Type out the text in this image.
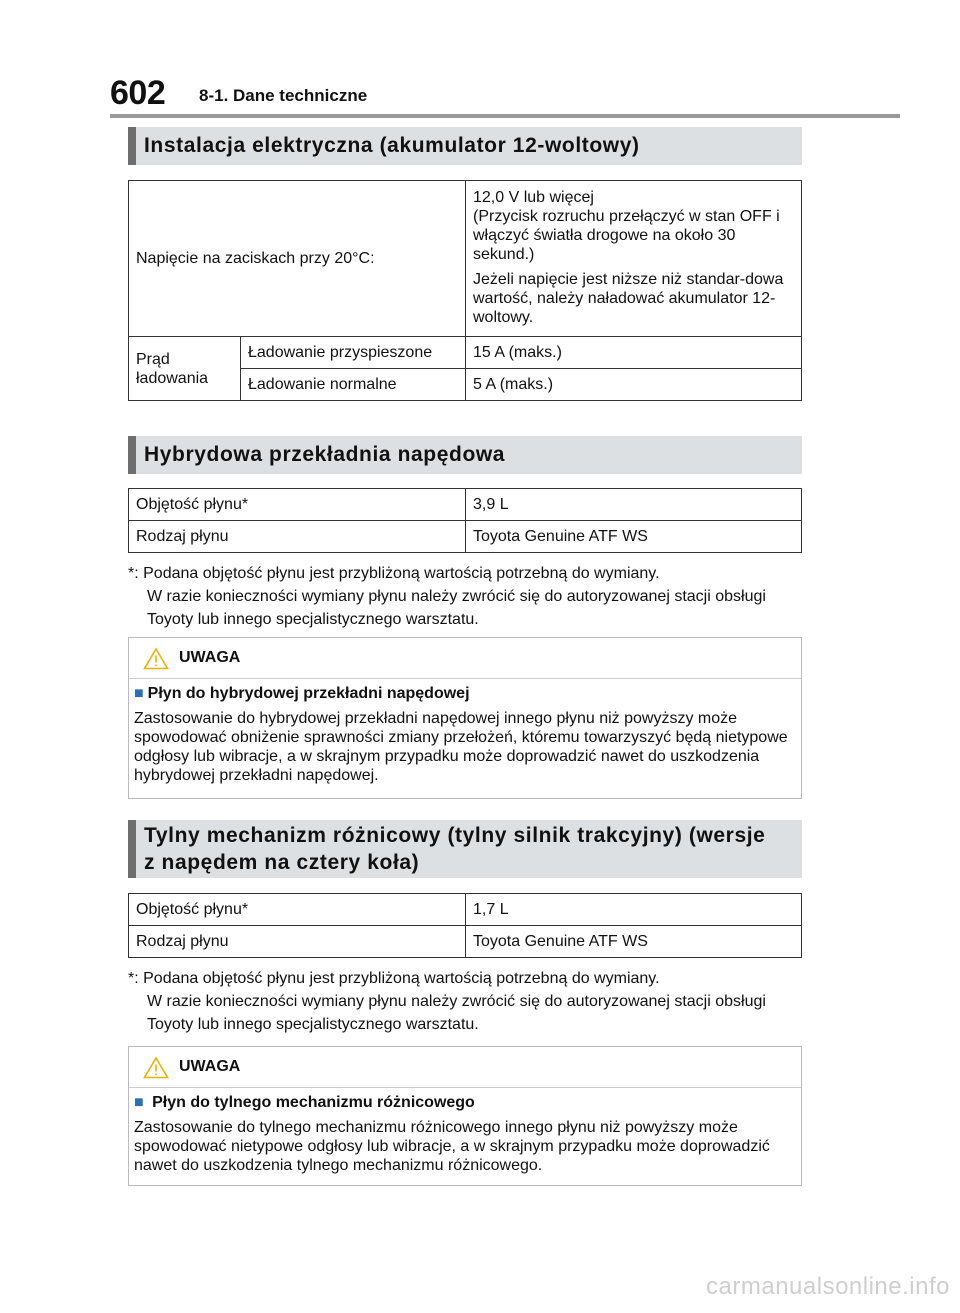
602 8-1. Dane techniczne
Instalacja elektryczna (akumulator 12-woltowy)
Napięcie na zaciskach przy 20°C:		12,0 V lub więcej
(Przycisk rozruchu przełączyć w stan OFF i włączyć światła drogowe na około 30 sekund.)
Jeżeli napięcie jest niższe niż standar-dowa wartość, należy naładować akumulator 12-woltowy.

Prąd ładowania	Ładowanie przyspieszone	15 A (maks.)
	Ładowanie normalne	5 A (maks.)
Hybrydowa przekładnia napędowa
Objętość płynu*	3,9 L
Rodzaj płynu	Toyota Genuine ATF WS
*: Podana objętość płynu jest przybliżoną wartością potrzebną do wymiany.
W razie konieczności wymiany płynu należy zwrócić się do autoryzowanej stacji obsługi Toyoty lub innego specjalistycznego warsztatu.
UWAGA
■ Płyn do hybrydowej przekładni napędowej

Zastosowanie do hybrydowej przekładni napędowej innego płynu niż powyższy może spowodować obniżenie sprawności zmiany przełożeń, któremu towarzyszyć będą nietypowe odgłosy lub wibracje, a w skrajnym przypadku może doprowadzić nawet do uszkodzenia hybrydowej przekładni napędowej.

Tylny mechanizm różnicowy (tylny silnik trakcyjny) (wersje
z napędem na cztery koła)
Objętość płynu*	1,7 L
Rodzaj płynu	Toyota Genuine ATF WS
*: Podana objętość płynu jest przybliżoną wartością potrzebną do wymiany.
W razie konieczności wymiany płynu należy zwrócić się do autoryzowanej stacji obsługi Toyoty lub innego specjalistycznego warsztatu.
UWAGA
■ Płyn do tylnego mechanizmu różnicowego

Zastosowanie do tylnego mechanizmu różnicowego innego płynu niż powyższy może spowodować nietypowe odgłosy lub wibracje, a w skrajnym przypadku może doprowadzić nawet do uszkodzenia tylnego mechanizmu różnicowego.

carmanualsonline.info
